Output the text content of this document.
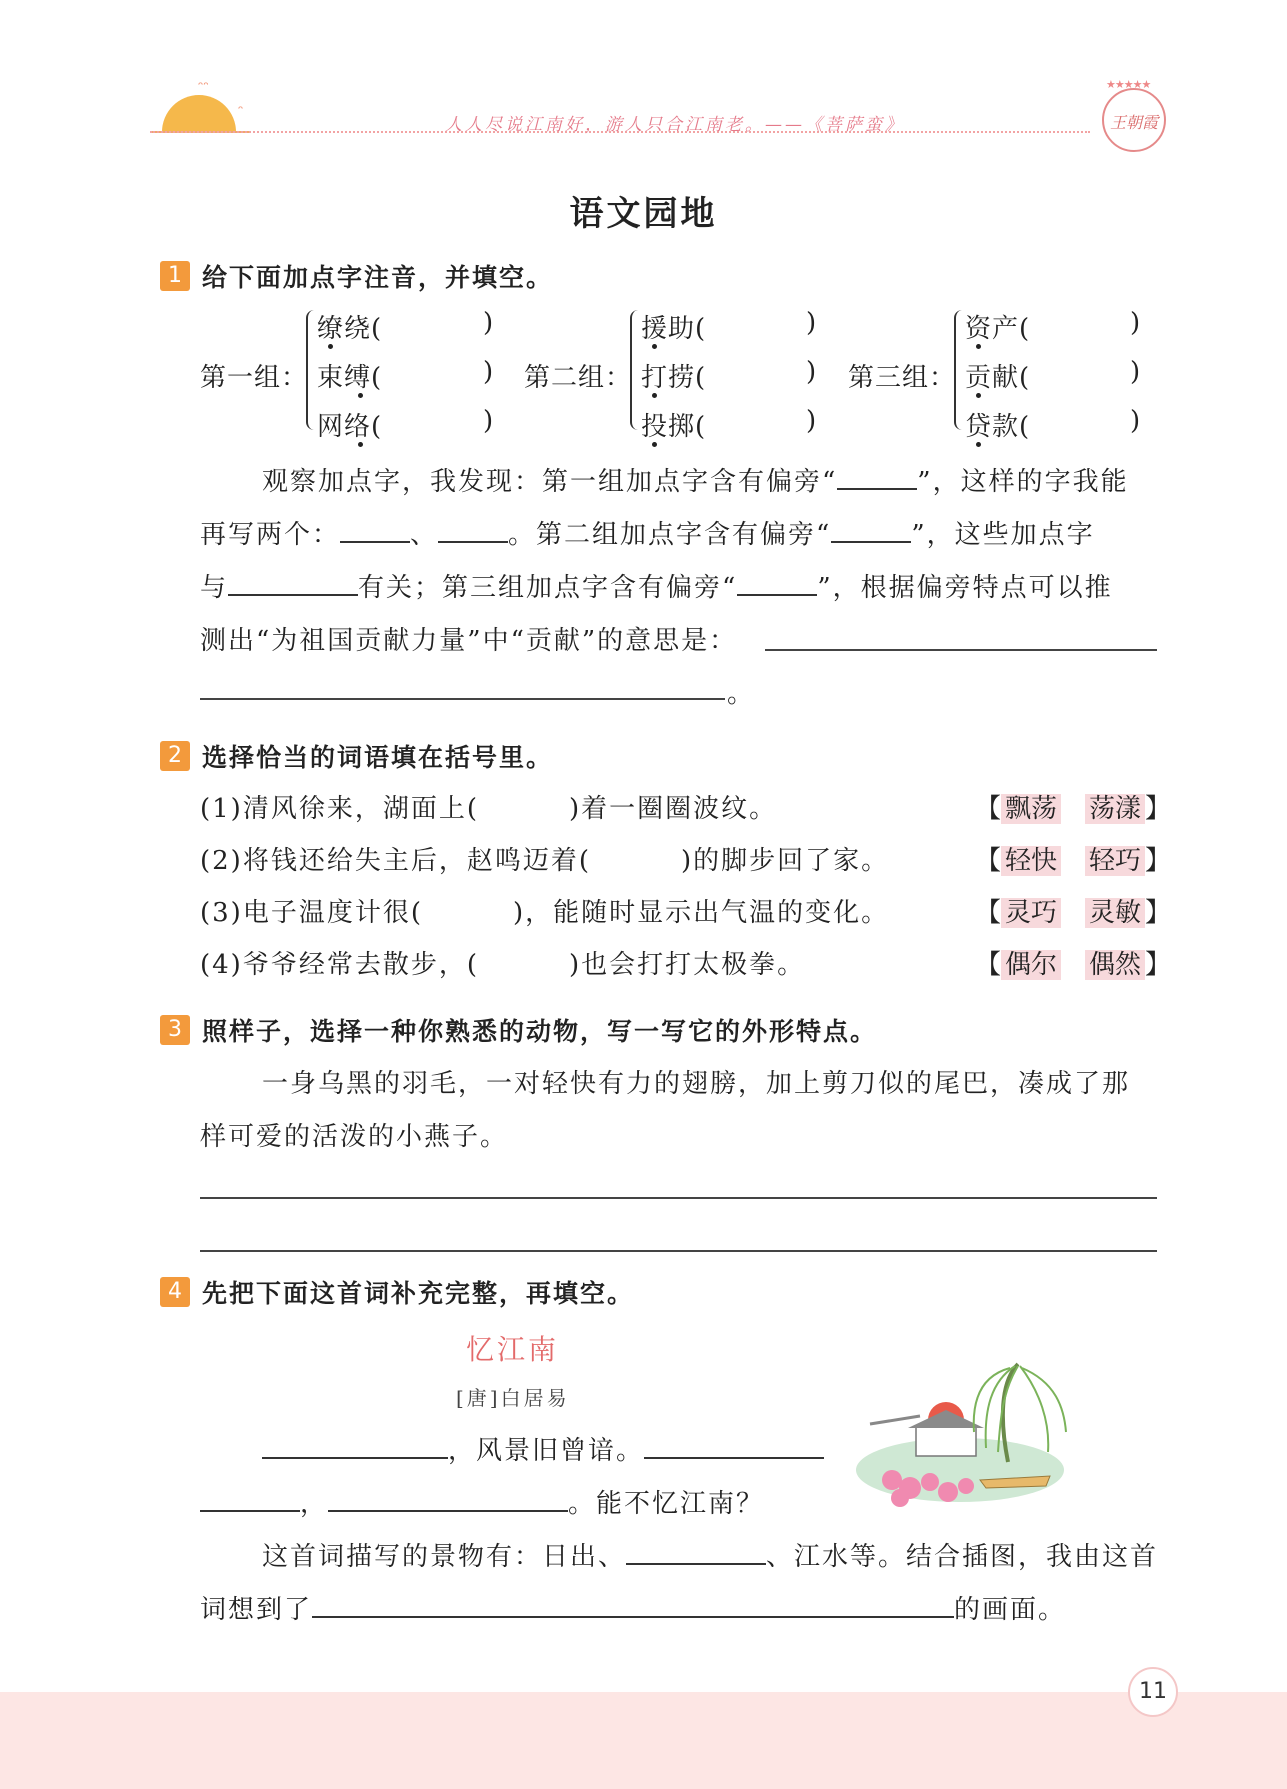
ᵔᵔ
ᵔ
人人尽说江南好，游人只合江南老。——《菩萨蛮》
★★★★★
王朝霞
语文园地
1 给下面加点字注音，并填空。
第一组：
缭绕(
束缚(
网络(
)
)
)
第二组：
援助(
打捞(
投掷(
)
)
)
第三组：
资产(
贡献(
贷款(
)
)
)
观察加点字，我发现：第一组加点字含有偏旁“	”，这样的字我能
再写两个：	、	。第二组加点字含有偏旁“	”，这些加点字
与	有关；第三组加点字含有偏旁“	”，根据偏旁特点可以推
测出“为祖国贡献力量”中“贡献”的意思是：
。
2 选择恰当的词语填在括号里。
(1)清风徐来，湖面上(	)着一圈圈波纹。	【 飘荡 荡漾 】
(2)将钱还给失主后，赵鸣迈着(	)的脚步回了家。	【 轻快 轻巧 】
(3)电子温度计很(	)，能随时显示出气温的变化。	【 灵巧 灵敏 】
(4)爷爷经常去散步，(	)也会打打太极拳。	【 偶尔 偶然 】
3 照样子，选择一种你熟悉的动物，写一写它的外形特点。
一身乌黑的羽毛，一对轻快有力的翅膀，加上剪刀似的尾巴，凑成了那
样可爱的活泼的小燕子。
4 先把下面这首词补充完整，再填空。
忆江南
[唐]白居易
，风景旧曾谙。
，	。能不忆江南？
这首词描写的景物有：日出、	、江水等。结合插图，我由这首
词想到了	的画面。
11
